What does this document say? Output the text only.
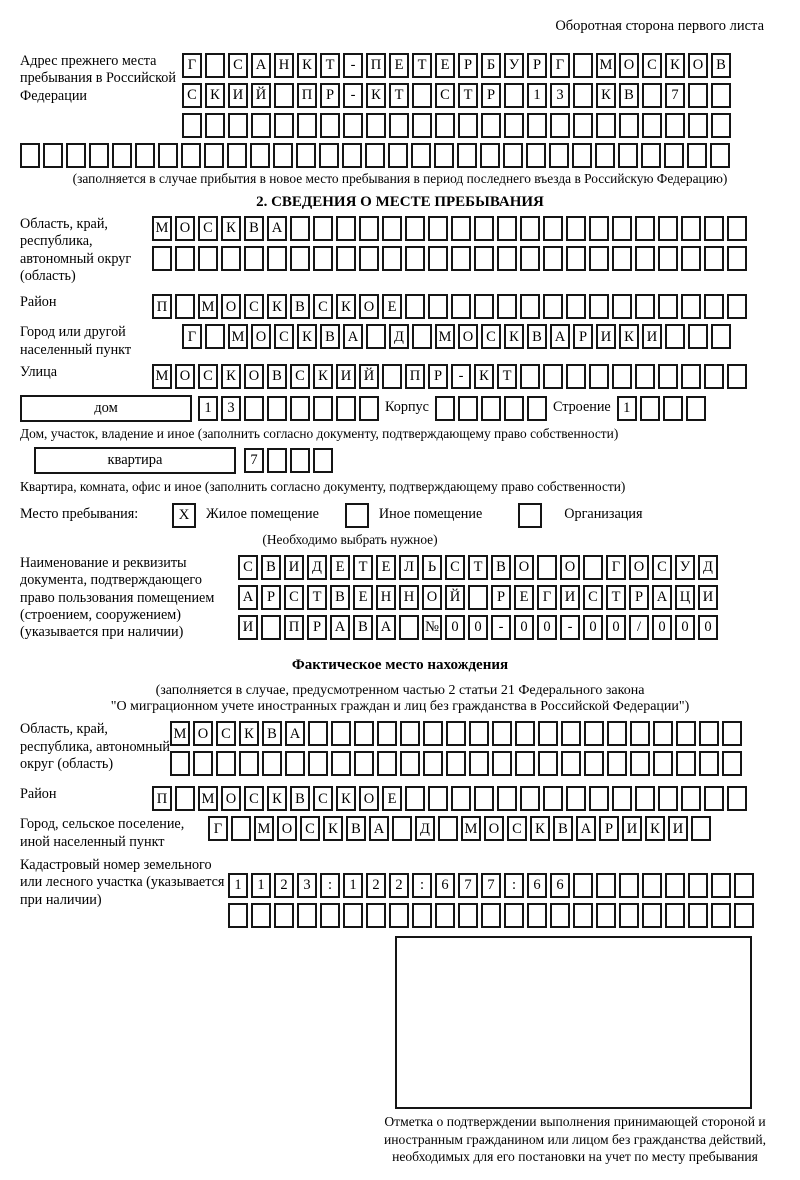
Оборотная сторона первого листа
Адрес прежнего места пребывания в Российской Федерации
Г	С А Н К Т	-	П Е Т Е	Р	Б У Р	Г	М О С К О В
С К И Й	П Р	-	К Т	С Т	Р	1	3	К В	7
(заполняется в случае прибытия в новое место пребывания в период последнего въезда в Российскую Федерацию)
2. СВЕДЕНИЯ О МЕСТЕ ПРЕБЫВАНИЯ
Область, край, республика, автономный округ (область)
М О С К В А
Район	П	М О С К В С К О Е
Город или другой населенный пункт
Г	М О С К В А	Д	М О С К В А Р И К И
Улица	М О С К О В С К И Й	П Р	-	К Т
дом	1	3	Корпус	Строение 1
Дом, участок, владение и иное (заполнить согласно документу, подтверждающему право собственности)
квартира	7
Квартира, комната, офис и иное (заполнить согласно документу, подтверждающему право собственности)
Место пребывания:	X	Жилое помещение	Иное помещение	Организация
(Необходимо выбрать нужное)
Наименование и реквизиты документа, подтверждающего право пользования помещением (строением, сооружением) (указывается при наличии)
С В И Д Е Т Е Л Ь С Т В О	О	Г О С У Д
А Р С Т В Е Н Н О Й	Р	Е Г И С Т	Р А Ц И
И	П Р А В А	№ 0	0	-	0	0	-	0	0	/	0	0	0
Фактическое место нахождения
(заполняется в случае, предусмотренном частью 2 статьи 21 Федерального закона
"О миграционном учете иностранных граждан и лиц без гражданства в Российской Федерации")
Область, край, республика, автономный округ (область)
М О С К В А
Район	П	М О С К В С К О Е
Город, сельское поселение, иной населенный пункт
Г	М О С К В А	Д	М О С К В А Р И К И
Кадастровый номер земельного или лесного участка (указывается при наличии)
1	1	2	3	:	1	2	2	:	6	7	7	:	6	6
Отметка о подтверждении выполнения принимающей стороной и иностранным гражданином или лицом без гражданства действий, необходимых для его постановки на учет по месту пребывания
